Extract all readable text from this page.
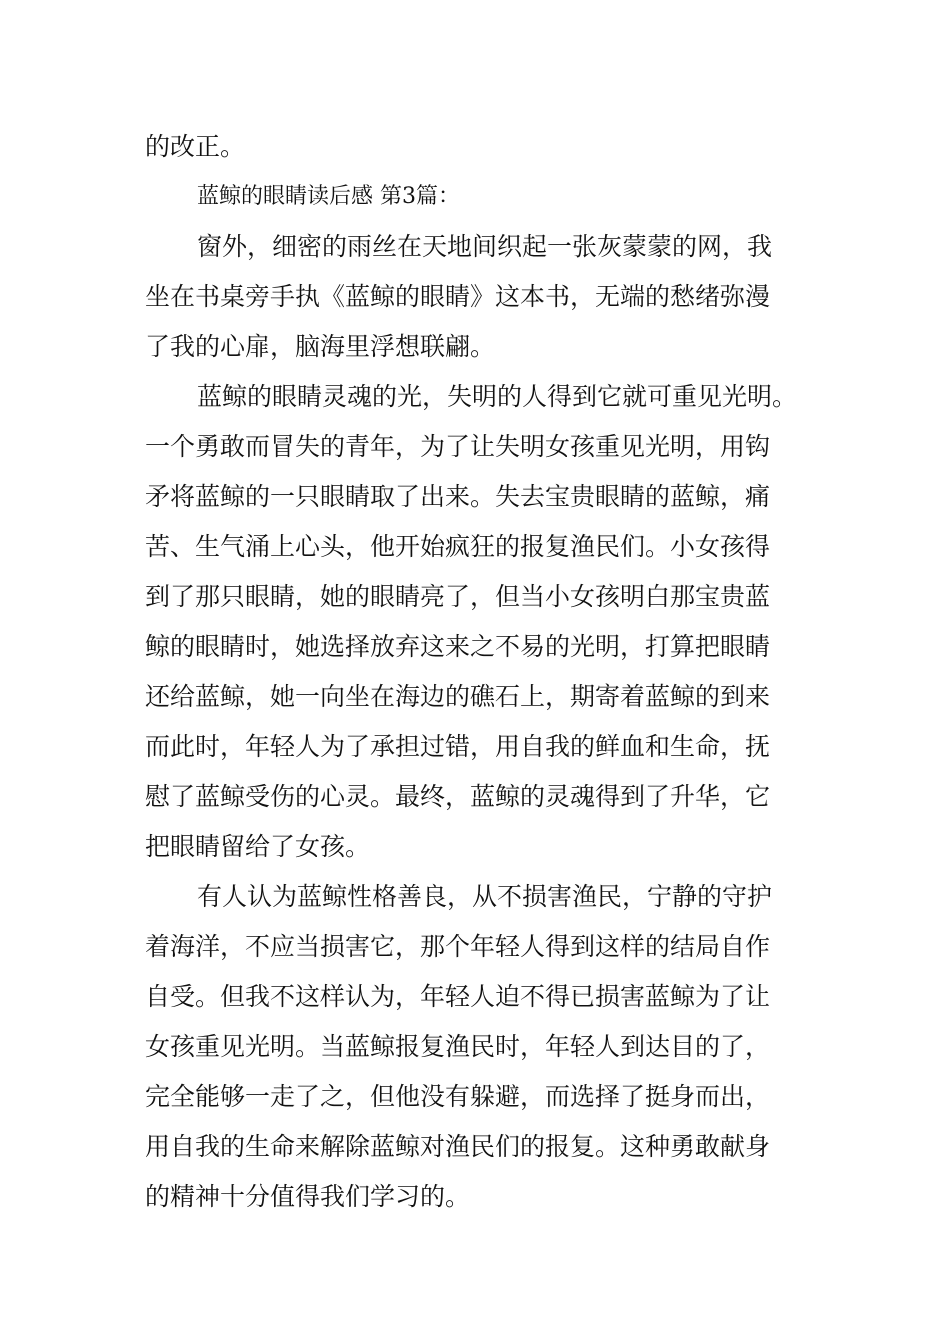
的改正。
蓝鲸的眼睛读后感 第3篇：
窗外，细密的雨丝在天地间织起一张灰蒙蒙的网，我
坐在书桌旁手执《蓝鲸的眼睛》这本书，无端的愁绪弥漫
了我的心扉，脑海里浮想联翩。
蓝鲸的眼睛灵魂的光，失明的人得到它就可重见光明。
一个勇敢而冒失的青年，为了让失明女孩重见光明，用钩
矛将蓝鲸的一只眼睛取了出来。失去宝贵眼睛的蓝鲸，痛
苦、生气涌上心头，他开始疯狂的报复渔民们。小女孩得
到了那只眼睛，她的眼睛亮了，但当小女孩明白那宝贵蓝
鲸的眼睛时，她选择放弃这来之不易的光明，打算把眼睛
还给蓝鲸，她一向坐在海边的礁石上，期寄着蓝鲸的到来
而此时，年轻人为了承担过错，用自我的鲜血和生命，抚
慰了蓝鲸受伤的心灵。最终，蓝鲸的灵魂得到了升华，它
把眼睛留给了女孩。
有人认为蓝鲸性格善良，从不损害渔民，宁静的守护
着海洋，不应当损害它，那个年轻人得到这样的结局自作
自受。但我不这样认为，年轻人迫不得已损害蓝鲸为了让
女孩重见光明。当蓝鲸报复渔民时，年轻人到达目的了，
完全能够一走了之，但他没有躲避，而选择了挺身而出，
用自我的生命来解除蓝鲸对渔民们的报复。这种勇敢献身
的精神十分值得我们学习的。
